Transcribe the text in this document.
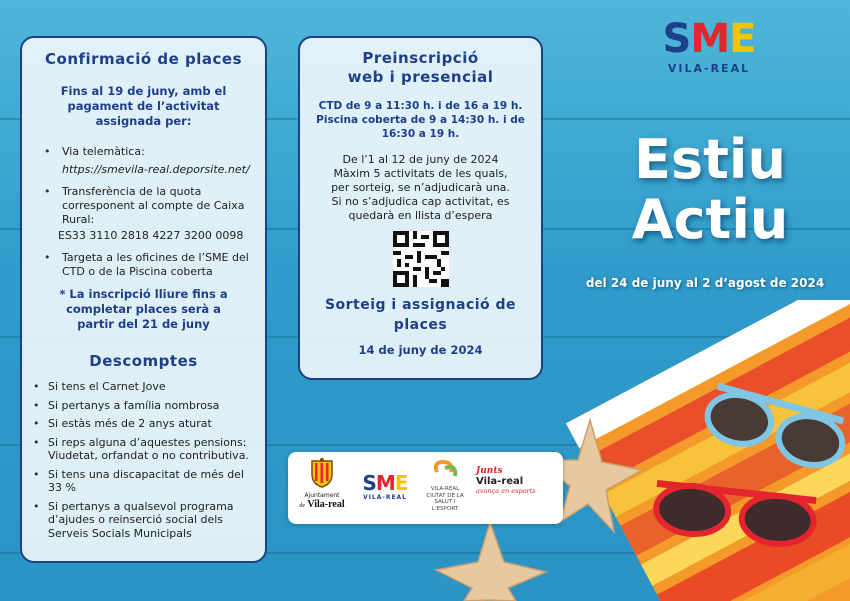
Confirmació de places
Fins al 19 de juny, amb el pagament de l’activitat assignada per:
• Via telemàtica:

https://smevila-real.deporsite.net/
• Transferència de la quota corresponent al compte de Caixa Rural:

ES33 3110 2818 4227 3200 0098
• Targeta a les oficines de l’SME del CTD o de la Piscina coberta
* La inscripció lliure fins a completar places serà a partir del 21 de juny
Descomptes
• Si tens el Carnet Jove
• Si pertanys a família nombrosa
• Si estàs més de 2 anys aturat
• Si reps alguna d’aquestes pensions: Viudetat, orfandat o no contributiva.
• Si tens una discapacitat de més del 33 %
• Si pertanys a qualsevol programa d’ajudes o reinserció social dels Serveis Socials Municipals
Preinscripció
web i presencial
CTD de 9 a 11:30 h. i de 16 a 19 h. Piscina coberta de 9 a 14:30 h. i de 16:30 a 19 h.
De l’1 al 12 de juny de 2024 Màxim 5 activitats de les quals, per sorteig, se n’adjudicarà una. Si no s’adjudica cap activitat, es quedarà en llista d’espera
Sorteig i assignació de places
14 de juny de 2024
SME
VILA-REAL
Estiu
Actiu
del 24 de juny al 2 d’agost de 2024
Ajuntament
de Vila-real
SME
VILA-REAL
VILA-REAL CIUTAT DE LA SALUT I L’ESPORT
Junts
Vila-real
avança en esports
